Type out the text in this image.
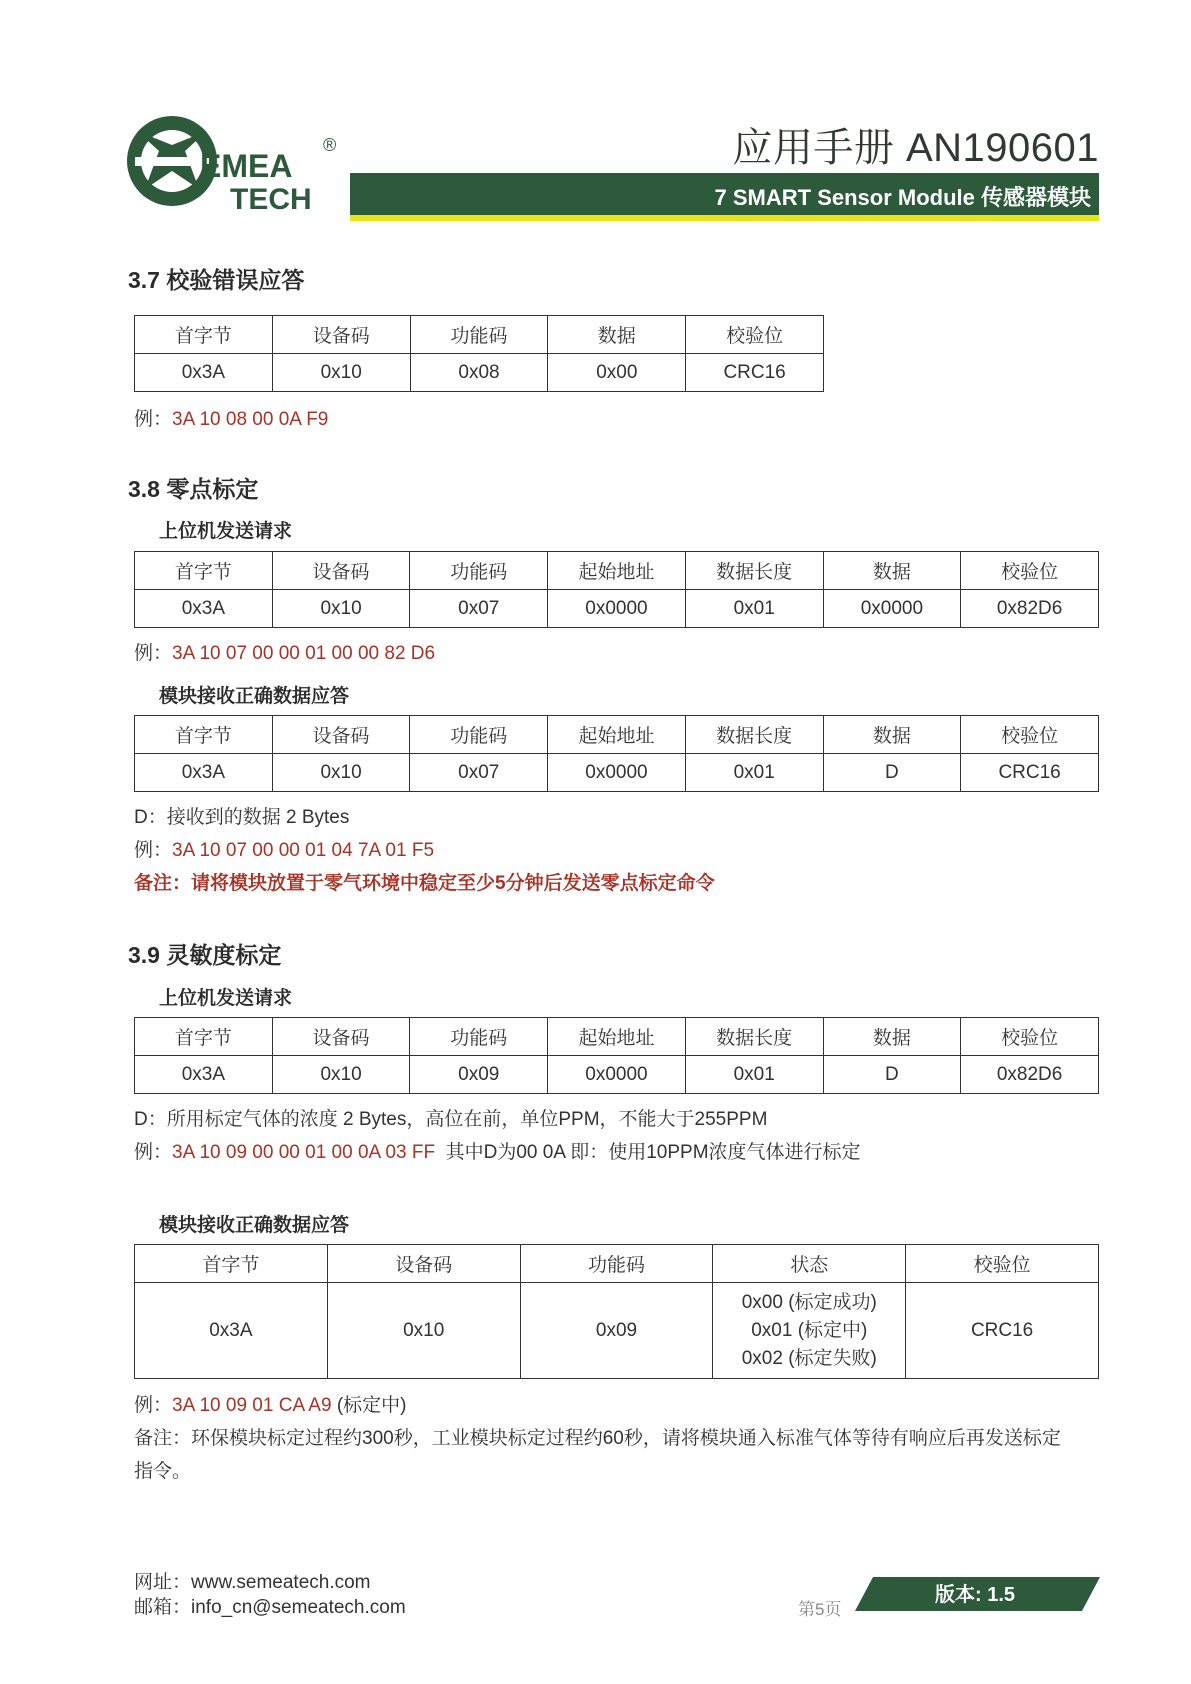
EMEA
TECH
®	应用手册 AN190601
7 SMART Sensor Module 传感器模块
3.7 校验错误应答
首字节	设备码	功能码	数据	校验位
0x3A	0x10	0x08	0x00	CRC16
例：3A 10 08 00 0A F9
3.8 零点标定
上位机发送请求
首字节	设备码	功能码	起始地址	数据长度	数据	校验位
0x3A	0x10	0x07	0x0000	0x01	0x0000	0x82D6
例：3A 10 07 00 00 01 00 00 82 D6
模块接收正确数据应答
首字节	设备码	功能码	起始地址	数据长度	数据	校验位
0x3A	0x10	0x07	0x0000	0x01	D	CRC16
D：接收到的数据 2 Bytes
例：3A 10 07 00 00 01 04 7A 01 F5
备注：请将模块放置于零气环境中稳定至少5分钟后发送零点标定命令
3.9 灵敏度标定
上位机发送请求
首字节	设备码	功能码	起始地址	数据长度	数据	校验位
0x3A	0x10	0x09	0x0000	0x01	D	0x82D6
D：所用标定气体的浓度 2 Bytes，高位在前，单位PPM，不能大于255PPM
例：3A 10 09 00 00 01 00 0A 03 FF 其中D为00 0A 即：使用10PPM浓度气体进行标定
模块接收正确数据应答
首字节	设备码	功能码	状态	校验位
0x3A	0x10	0x09	0x00 (标定成功)
0x01 (标定中)
0x02 (标定失败)	CRC16
例：3A 10 09 01 CA A9 (标定中)
备注：环保模块标定过程约300秒，工业模块标定过程约60秒，请将模块通入标准气体等待有响应后再发送标定
指令。
网址：www.semeatech.com
邮箱：info_cn@semeatech.com	第5页
版本: 1.5
